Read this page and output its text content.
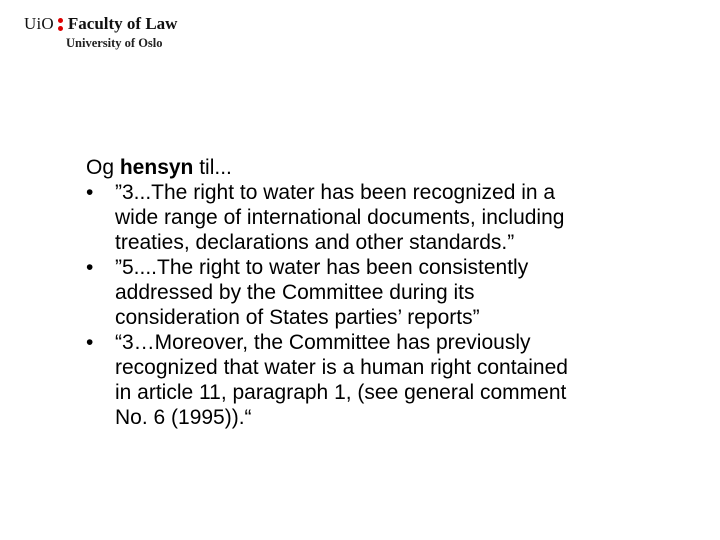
UiO Faculty of Law
University of Oslo

Og hensyn til...

• ”3...The right to water has been recognized in a
wide range of international documents, including
treaties, declarations and other standards.”
• ”5....The right to water has been consistently
addressed by the Committee during its
consideration of States parties’ reports”
• “3…Moreover, the Committee has previously
recognized that water is a human right contained
in article 11, paragraph 1, (see general comment
No. 6 (1995)).“
